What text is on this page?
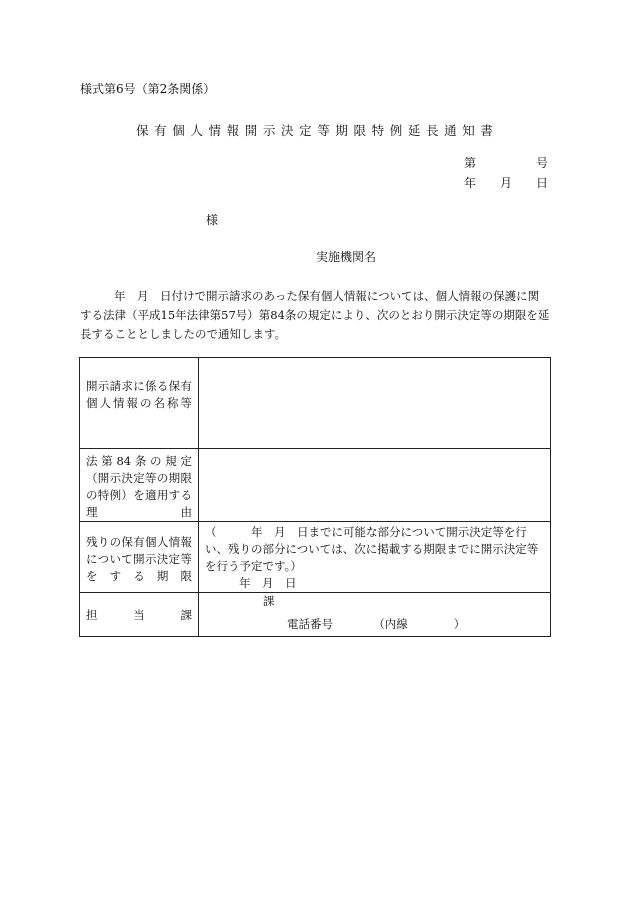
様式第6号（第2条関係）
保有個人情報開示決定等期限特例延長通知書
第　　　　　号
年　　月　　日
様
実施機関名
年　月　日付けで開示請求のあった保有個人情報については、個人情報の保護に関する法律（平成15年法律第57号）第84条の規定により、次のとおり開示決定等の期限を延長することとしましたので通知します。
開示請求に係る保有個人情報の名称等	

法第84条の規定（開示決定等の期限の特例）を適用する理由	

残りの保有個人情報について開示決定等をする期限	（　　　年　月　日までに可能な部分について開示決定等を行い、残りの部分については、次に掲載する期限までに開示決定等を行う予定です。）
年　月　日

担　　当　　課	課
電話番号　　　　（内線　　　　）
